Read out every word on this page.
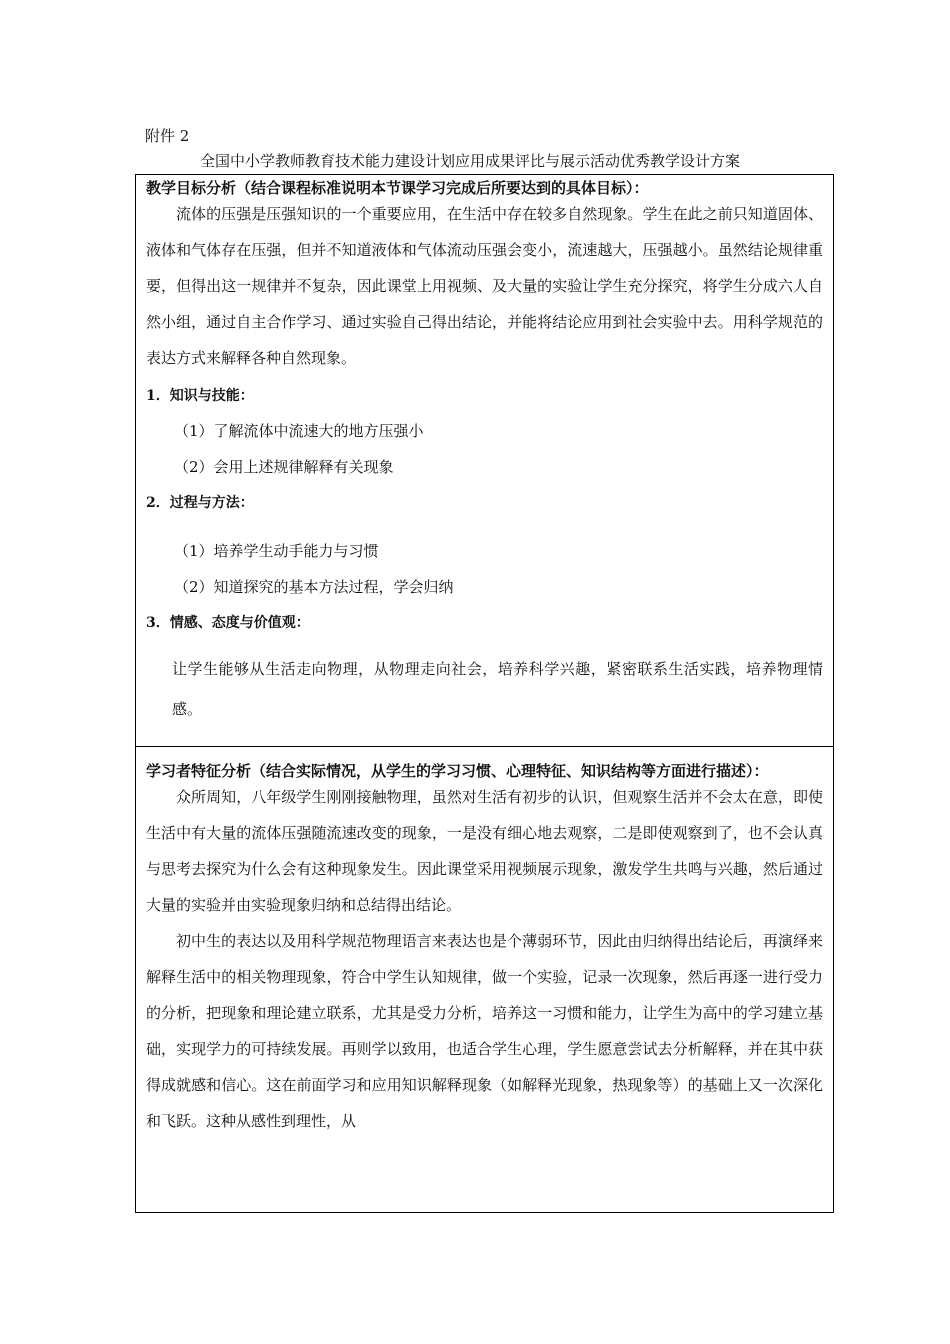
附件 2
全国中小学教师教育技术能力建设计划应用成果评比与展示活动优秀教学设计方案
教学目标分析（结合课程标准说明本节课学习完成后所要达到的具体目标）：

流体的压强是压强知识的一个重要应用，在生活中存在较多自然现象。学生在此之前只知道固体、液体和气体存在压强，但并不知道液体和气体流动压强会变小，流速越大，压强越小。虽然结论规律重要，但得出这一规律并不复杂，因此课堂上用视频、及大量的实验让学生充分探究，将学生分成六人自然小组，通过自主合作学习、通过实验自己得出结论，并能将结论应用到社会实验中去。用科学规范的表达方式来解释各种自然现象。

1．知识与技能：

（1）了解流体中流速大的地方压强小

（2）会用上述规律解释有关现象

2．过程与方法：

（1）培养学生动手能力与习惯

（2）知道探究的基本方法过程，学会归纳

3．情感、态度与价值观：

让学生能够从生活走向物理，从物理走向社会，培养科学兴趣，紧密联系生活实践，培养物理情感。

学习者特征分析（结合实际情况，从学生的学习习惯、心理特征、知识结构等方面进行描述）：

众所周知，八年级学生刚刚接触物理，虽然对生活有初步的认识，但观察生活并不会太在意，即使生活中有大量的流体压强随流速改变的现象，一是没有细心地去观察，二是即使观察到了，也不会认真与思考去探究为什么会有这种现象发生。因此课堂采用视频展示现象，激发学生共鸣与兴趣，然后通过大量的实验并由实验现象归纳和总结得出结论。

初中生的表达以及用科学规范物理语言来表达也是个薄弱环节，因此由归纳得出结论后，再演绎来解释生活中的相关物理现象，符合中学生认知规律，做一个实验，记录一次现象，然后再逐一进行受力的分析，把现象和理论建立联系，尤其是受力分析，培养这一习惯和能力，让学生为高中的学习建立基础，实现学力的可持续发展。再则学以致用，也适合学生心理，学生愿意尝试去分析解释，并在其中获得成就感和信心。这在前面学习和应用知识解释现象（如解释光现象，热现象等）的基础上又一次深化和飞跃。这种从感性到理性，从
